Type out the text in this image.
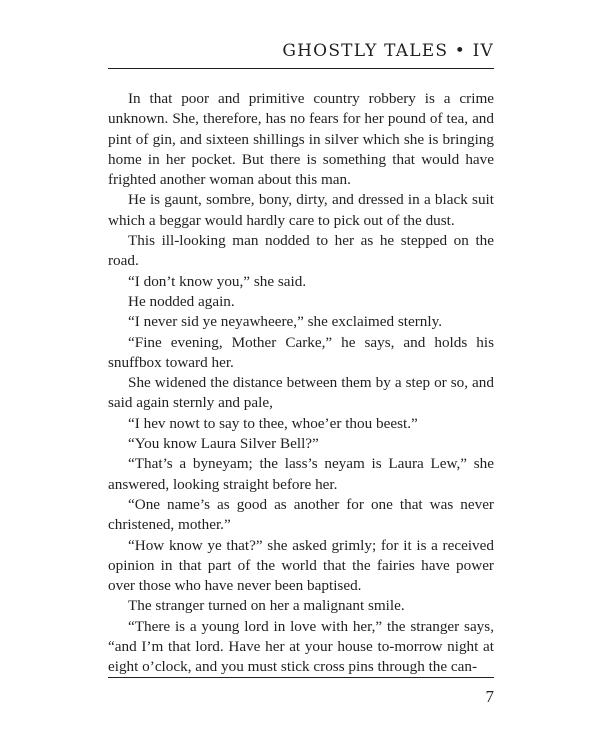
GHOSTLY TALES • IV

In that poor and primitive country robbery is a crime unknown. She, therefore, has no fears for her pound of tea, and pint of gin, and sixteen shillings in silver which she is bringing home in her pocket. But there is something that would have frighted another woman about this man.

He is gaunt, sombre, bony, dirty, and dressed in a black suit which a beggar would hardly care to pick out of the dust.

This ill-looking man nodded to her as he stepped on the road.

“I don’t know you,” she said.

He nodded again.

“I never sid ye neyawheere,” she exclaimed sternly.

“Fine evening, Mother Carke,” he says, and holds his snuffbox toward her.

She widened the distance between them by a step or so, and said again sternly and pale,

“I hev nowt to say to thee, whoe’er thou beest.”

“You know Laura Silver Bell?”

“That’s a byneyam; the lass’s neyam is Laura Lew,” she answered, looking straight before her.

“One name’s as good as another for one that was never christened, mother.”

“How know ye that?” she asked grimly; for it is a received opinion in that part of the world that the fairies have power over those who have never been baptised.

The stranger turned on her a malignant smile.

“There is a young lord in love with her,” the stranger says, “and I’m that lord. Have her at your house to-morrow night at eight o’clock, and you must stick cross pins through the can-

7
